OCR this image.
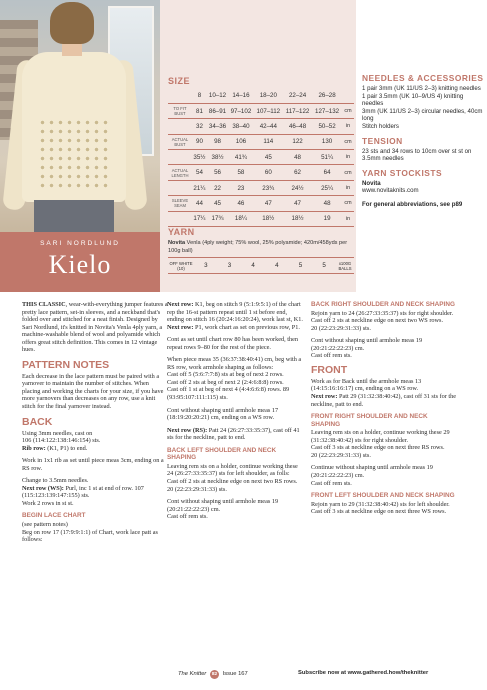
SARI NORDLUND
Kielo
SIZE
	8	10–12	14–16	18–20	22–24	26–28	
TO FIT BUST	81	86–91	97–102	107–112	117–122	127–132	cm
	32	34–36	38–40	42–44	46–48	50–52	in
ACTUAL BUST	90	98	106	114	122	130	cm
	35½	38½	41¾	45	48	51¼	in
ACTUAL LENGTH	54	56	58	60	62	64	cm
	21¼	22	23	23¾	24½	25¼	in
SLEEVE SEAM	44	45	46	47	47	48	cm
	17¼	17¾	18¼	18½	18½	19	in
YARN
Novita Venla (4ply weight; 75% wool, 25% polyamide; 420m/458yds per 100g ball)
OFF WHITE (10)	3	3	4	4	5	5	x100G BALLS
NEEDLES & ACCESSORIES
1 pair 3mm (UK 11/US 2–3) knitting needles
1 pair 3.5mm (UK 10–9/US 4) knitting needles
3mm (UK 11/US 2–3) circular needles, 40cm long
Stitch holders
TENSION
23 sts and 34 rows to 10cm over st st on 3.5mm needles
YARN STOCKISTS
Novita
www.novitaknits.com
For general abbreviations, see p89

THIS CLASSIC, wear-with-everything jumper features a pretty lace pattern, set-in sleeves, and a neckband that's folded over and stitched for a neat finish. Designed by Sari Nordlund, it's knitted in Novita's Venla 4ply yarn, a machine-washable blend of wool and polyamide which offers great stitch definition. This comes in 12 vintage hues.

PATTERN NOTES

Each decrease in the lace pattern must be paired with a yarnover to maintain the number of stitches. When placing and working the charts for your size, if you have more yarnovers than decreases on any row, use a knit stitch for the final yarnover instead.

BACK
Using 3mm needles, cast on
106 (114:122:138:146:154) sts.

Rib row: (K1, P1) to end.

Work in 1x1 rib as set until piece meas 3cm, ending on a RS row.

Change to 3.5mm needles.
Next row (WS): Purl, inc 1 st at end of row. 107 (115:123:139:147:155) sts.

Work 2 rows in st st.

BEGIN LACE CHART
(see pattern notes)
Beg on row 17 (17:9:9:1:1) of Chart, work lace patt as follows:
Next row: K1, beg on stitch 9 (5:1:9:5:1) of the chart rep the 16-st pattern repeat until 1 st before end, ending on stitch 16 (20:24:16:20:24), work last st, K1.

Next row: P1, work chart as set on previous row, P1.

Cont as set until chart row 80 has been worked, then repeat rows 9–80 for the rest of the piece.

When piece meas 35 (36:37:38:40:41) cm, beg with a RS row, work armhole shaping as follows:
Cast off 5 (5:6:7:7:8) sts at beg of next 2 rows.
Cast off 2 sts at beg of next 2 (2:4:6:8:8) rows.

Cast off 1 st at beg of next 4 (4:4:6:6:8) rows. 89 (93:95:107:111:115) sts.

Cont without shaping until armhole meas 17 (18:19:20:20:21) cm, ending on a WS row.

Next row (RS): Patt 24 (26:27:33:35:37), cast off 41 sts for the neckline, patt to end.

BACK LEFT SHOULDER AND NECK SHAPING
Leaving rem sts on a holder, continue working these 24 (26:27:33:35:37) sts for left shoulder, as folls:
Cast off 2 sts at neckline edge on next two RS rows.

20 (22:23:29:31:33) sts.

Cont without shaping until armhole meas 19 (20:21:22:22:23) cm.
Cast off rem sts.
BACK RIGHT SHOULDER AND NECK SHAPING
Rejoin yarn to 24 (26:27:33:35:37) sts for right shoulder.
Cast off 2 sts at neckline edge on next two WS rows.

20 (22:23:29:31:33) sts.

Cont without shaping until armhole meas 19 (20:21:22:22:23) cm.
Cast off rem sts.
FRONT
Work as for Back until the armhole meas 13 (14:15:16:16:17) cm, ending on a WS row.

Next row: Patt 29 (31:32:38:40:42), cast off 31 sts for the neckline, patt to end.

FRONT RIGHT SHOULDER AND NECK SHAPING
Leaving rem sts on a holder, continue working these 29 (31:32:38:40:42) sts for right shoulder.
Cast off 3 sts at neckline edge on next three RS rows.

20 (22:23:29:31:33) sts.

Continue without shaping until armhole meas 19 (20:21:22:22:23) cm.

Cast off rem sts.

FRONT LEFT SHOULDER AND NECK SHAPING
Rejoin yarn to 29 (31:32:38:40:42) sts for left shoulder.
Cast off 3 sts at neckline edge on next three WS rows.
The Knitter 82 Issue 167	Subscribe now at www.gathered.how/theknitter
